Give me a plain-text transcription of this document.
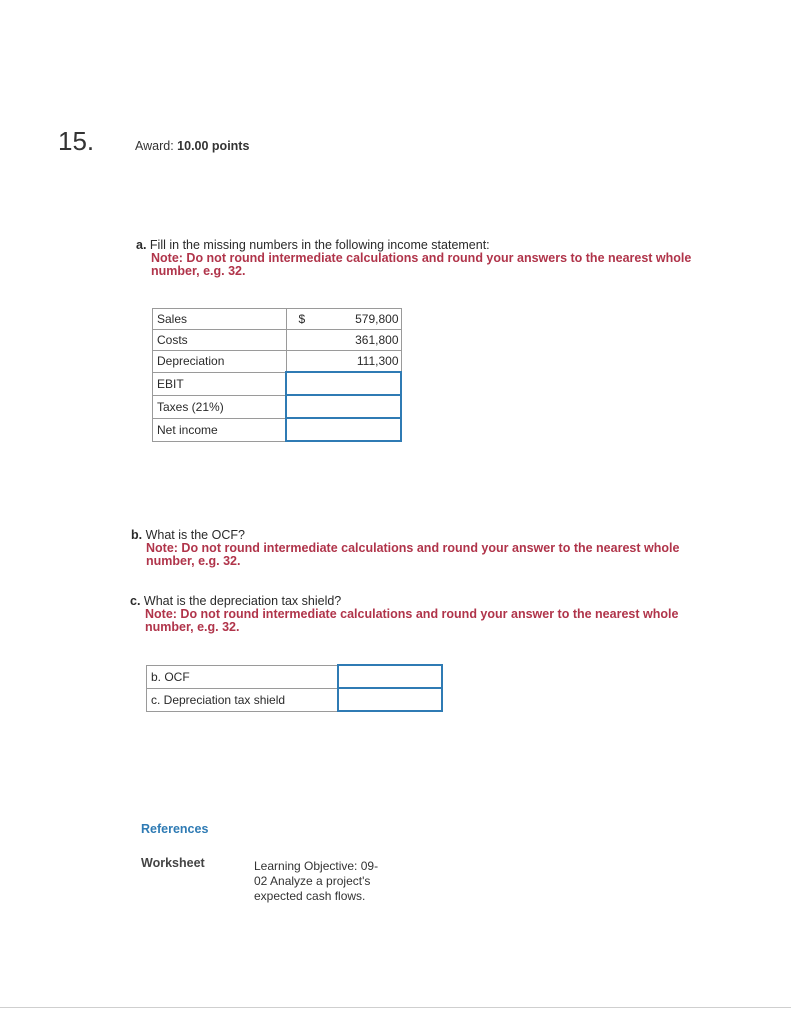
15.	Award: 10.00 points
a. Fill in the missing numbers in the following income statement:
Note: Do not round intermediate calculations and round your answers to the nearest whole
number, e.g. 32.
Sales	$	579,800
Costs		361,800
Depreciation		111,300
EBIT	

Taxes (21%)	

Net income	
b. What is the OCF?
Note: Do not round intermediate calculations and round your answer to the nearest whole
number, e.g. 32.
c. What is the depreciation tax shield?
Note: Do not round intermediate calculations and round your answer to the nearest whole
number, e.g. 32.
b. OCF	

c. Depreciation tax shield	
References
Worksheet	Learning Objective: 09-02 Analyze a project's expected cash flows.
